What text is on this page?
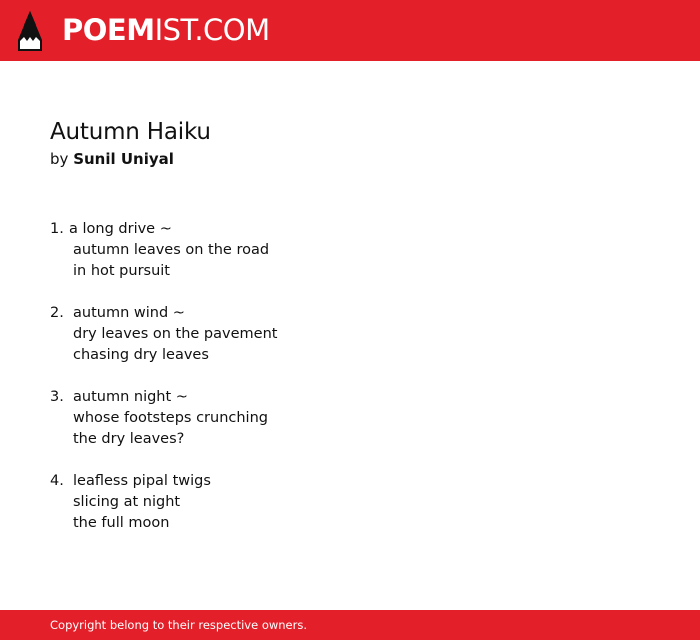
POEMIST.COM
Autumn Haiku
by Sunil Uniyal
1. a long drive ~
autumn leaves on the road
in hot pursuit
2. autumn wind ~
dry leaves on the pavement
chasing dry leaves
3. autumn night ~
whose footsteps crunching
the dry leaves?
4. leafless pipal twigs
slicing at night
the full moon
Copyright belong to their respective owners.
